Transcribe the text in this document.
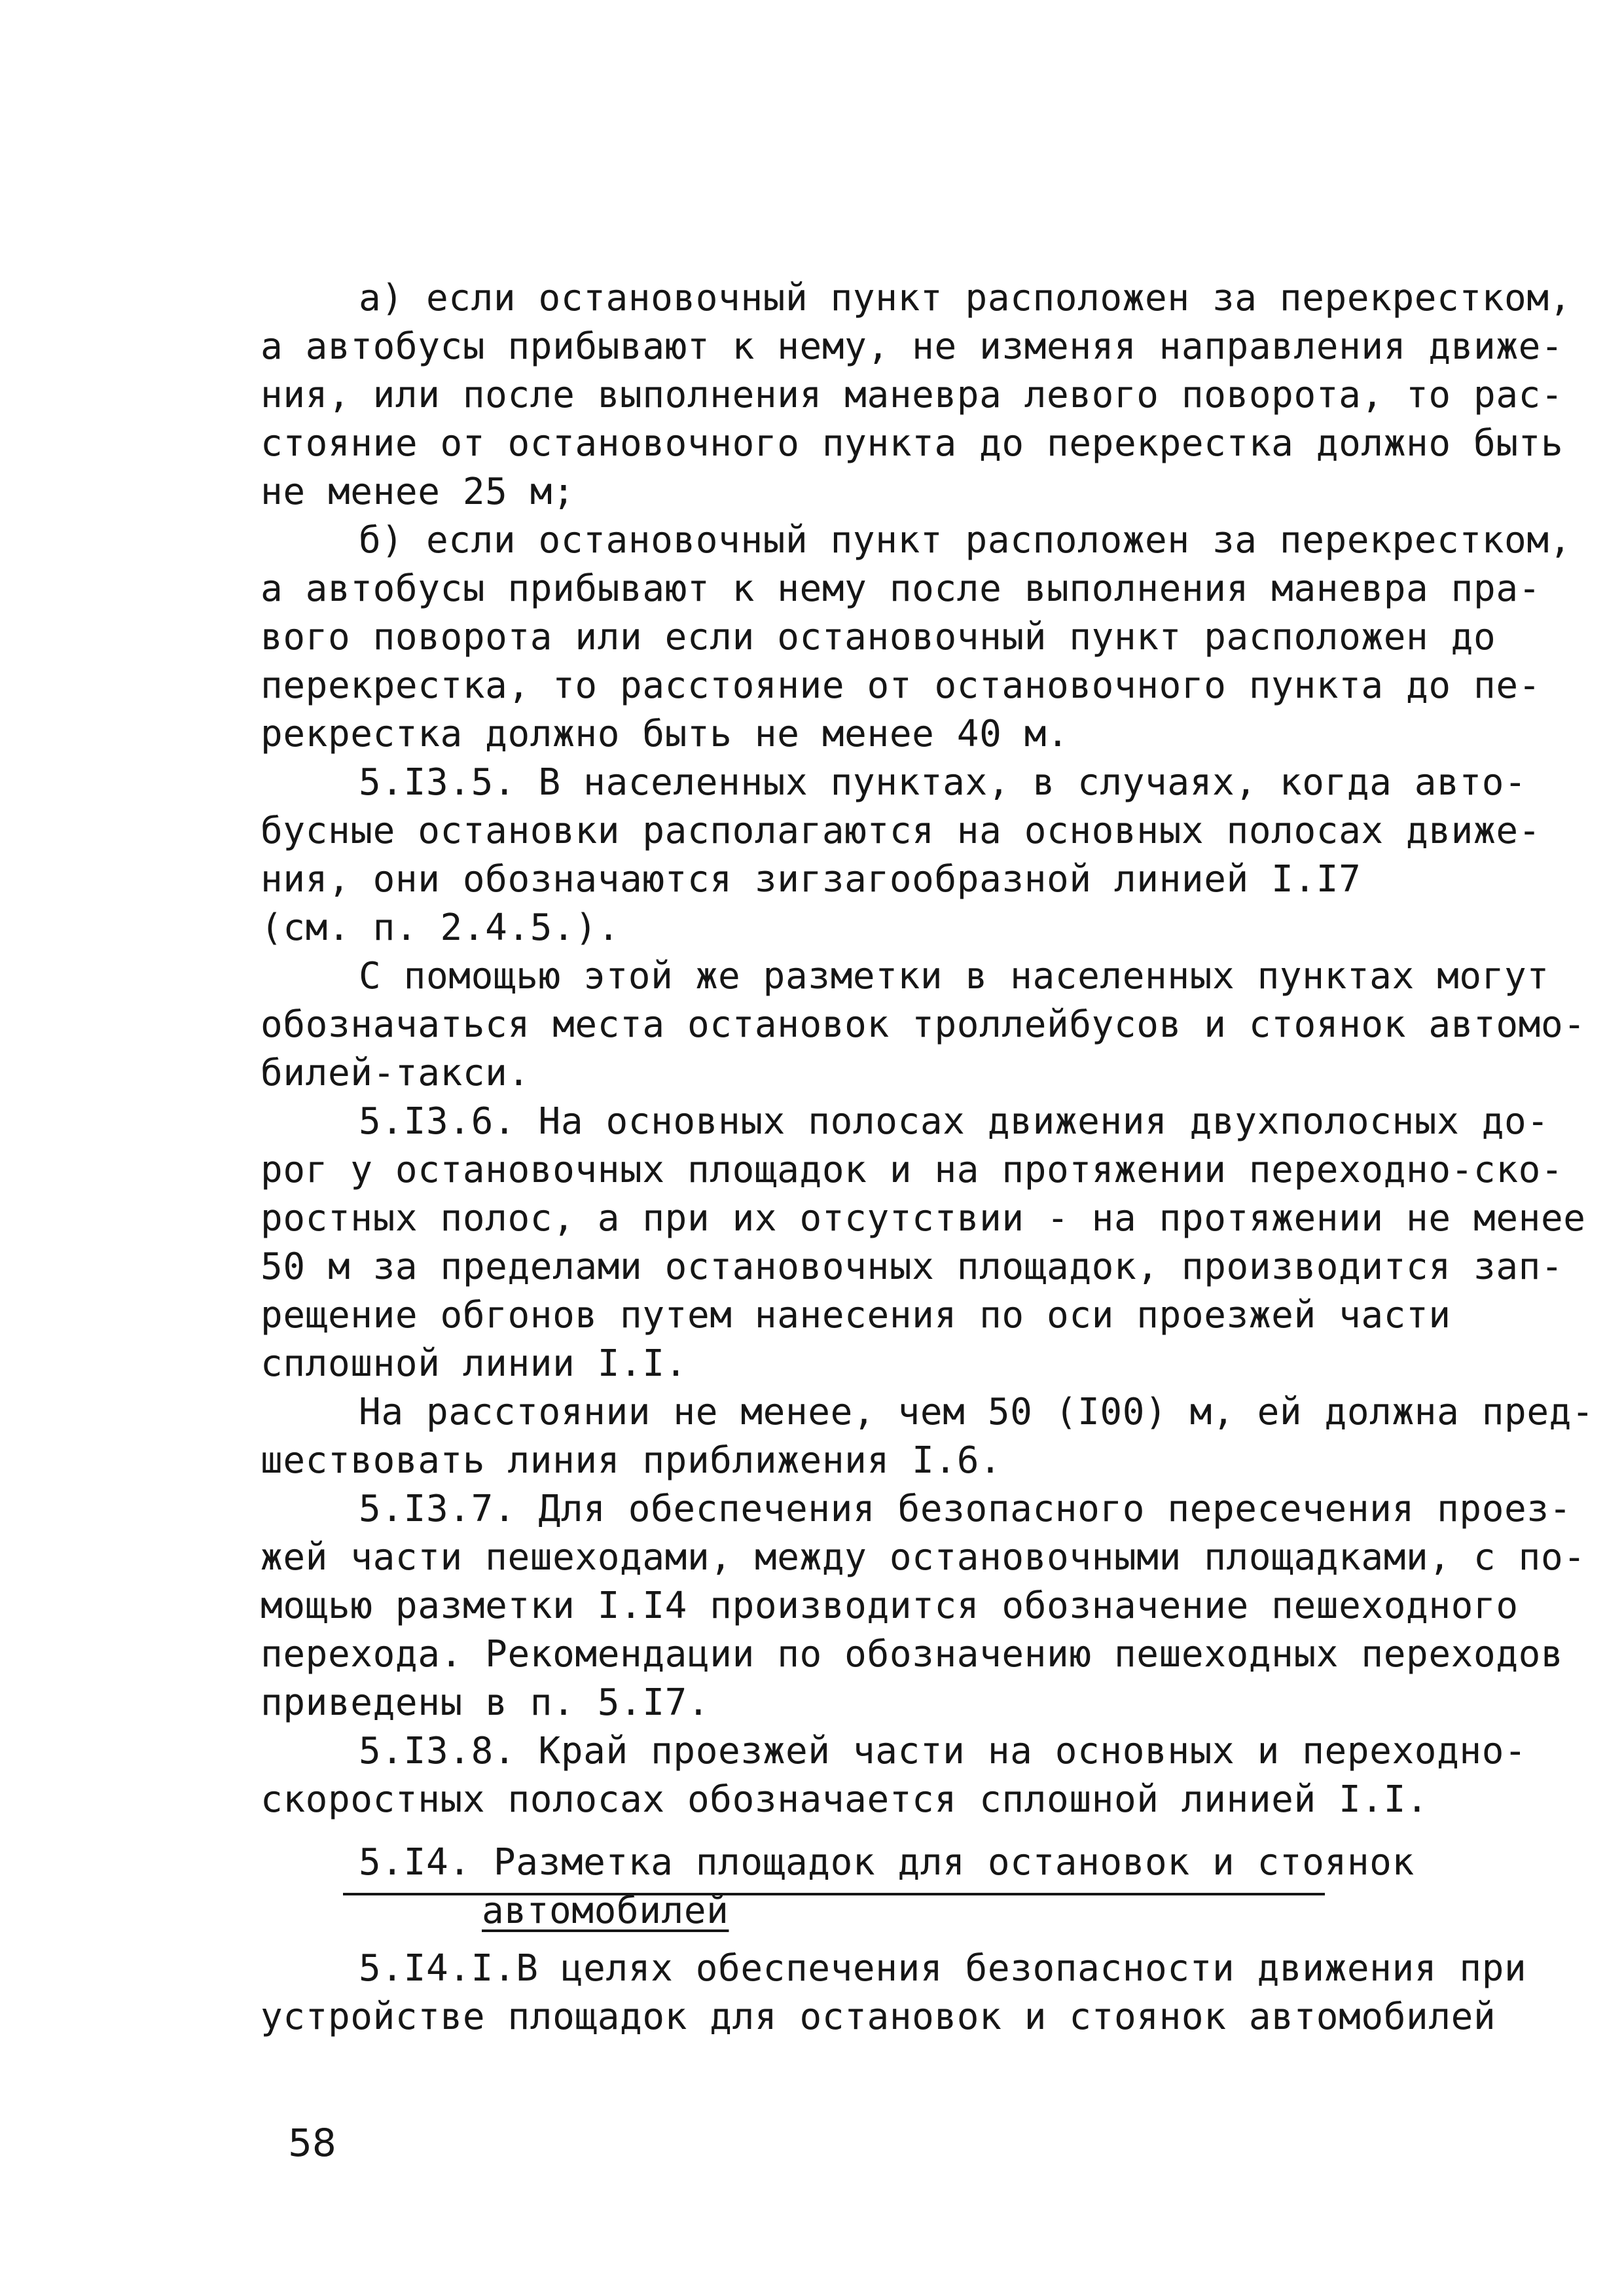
а) если остановочный пункт расположен за перекрестком,
а автобусы прибывают к нему, не изменяя направления движе-
ния, или после выполнения маневра левого поворота, то рас-
стояние от остановочного пункта до перекрестка должно быть
не менее 25 м;
б) если остановочный пункт расположен за перекрестком,
а автобусы прибывают к нему после выполнения маневра пра-
вого поворота или если остановочный пункт расположен до
перекрестка, то расстояние от остановочного пункта до пе-
рекрестка должно быть не менее 40 м.
5.I3.5. В населенных пунктах, в случаях, когда авто-
бусные остановки располагаются на основных полосах движе-
ния, они обозначаются зигзагообразной линией I.I7
(см. п. 2.4.5.).
С помощью этой же разметки в населенных пунктах могут
обозначаться места остановок троллейбусов и стоянок автомо-
билей-такси.
5.I3.6. На основных полосах движения двухполосных до-
рог у остановочных площадок и на протяжении переходно-ско-
ростных полос, а при их отсутствии - на протяжении не менее
50 м за пределами остановочных площадок, производится зап-
рещение обгонов путем нанесения по оси проезжей части
сплошной линии I.I.
На расстоянии не менее, чем 50 (I00) м, ей должна пред-
шествовать линия приближения I.6.
5.I3.7. Для обеспечения безопасного пересечения проез-
жей части пешеходами, между остановочными площадками, с по-
мощью разметки I.I4 производится обозначение пешеходного
перехода. Рекомендации по обозначению пешеходных переходов
приведены в п. 5.I7.
5.I3.8. Край проезжей части на основных и переходно-
скоростных полосах обозначается сплошной линией I.I.
5.I4. Разметка площадок для остановок и стоянок
автомобилей
5.I4.I.В целях обеспечения безопасности движения при
устройстве площадок для остановок и стоянок автомобилей
58
